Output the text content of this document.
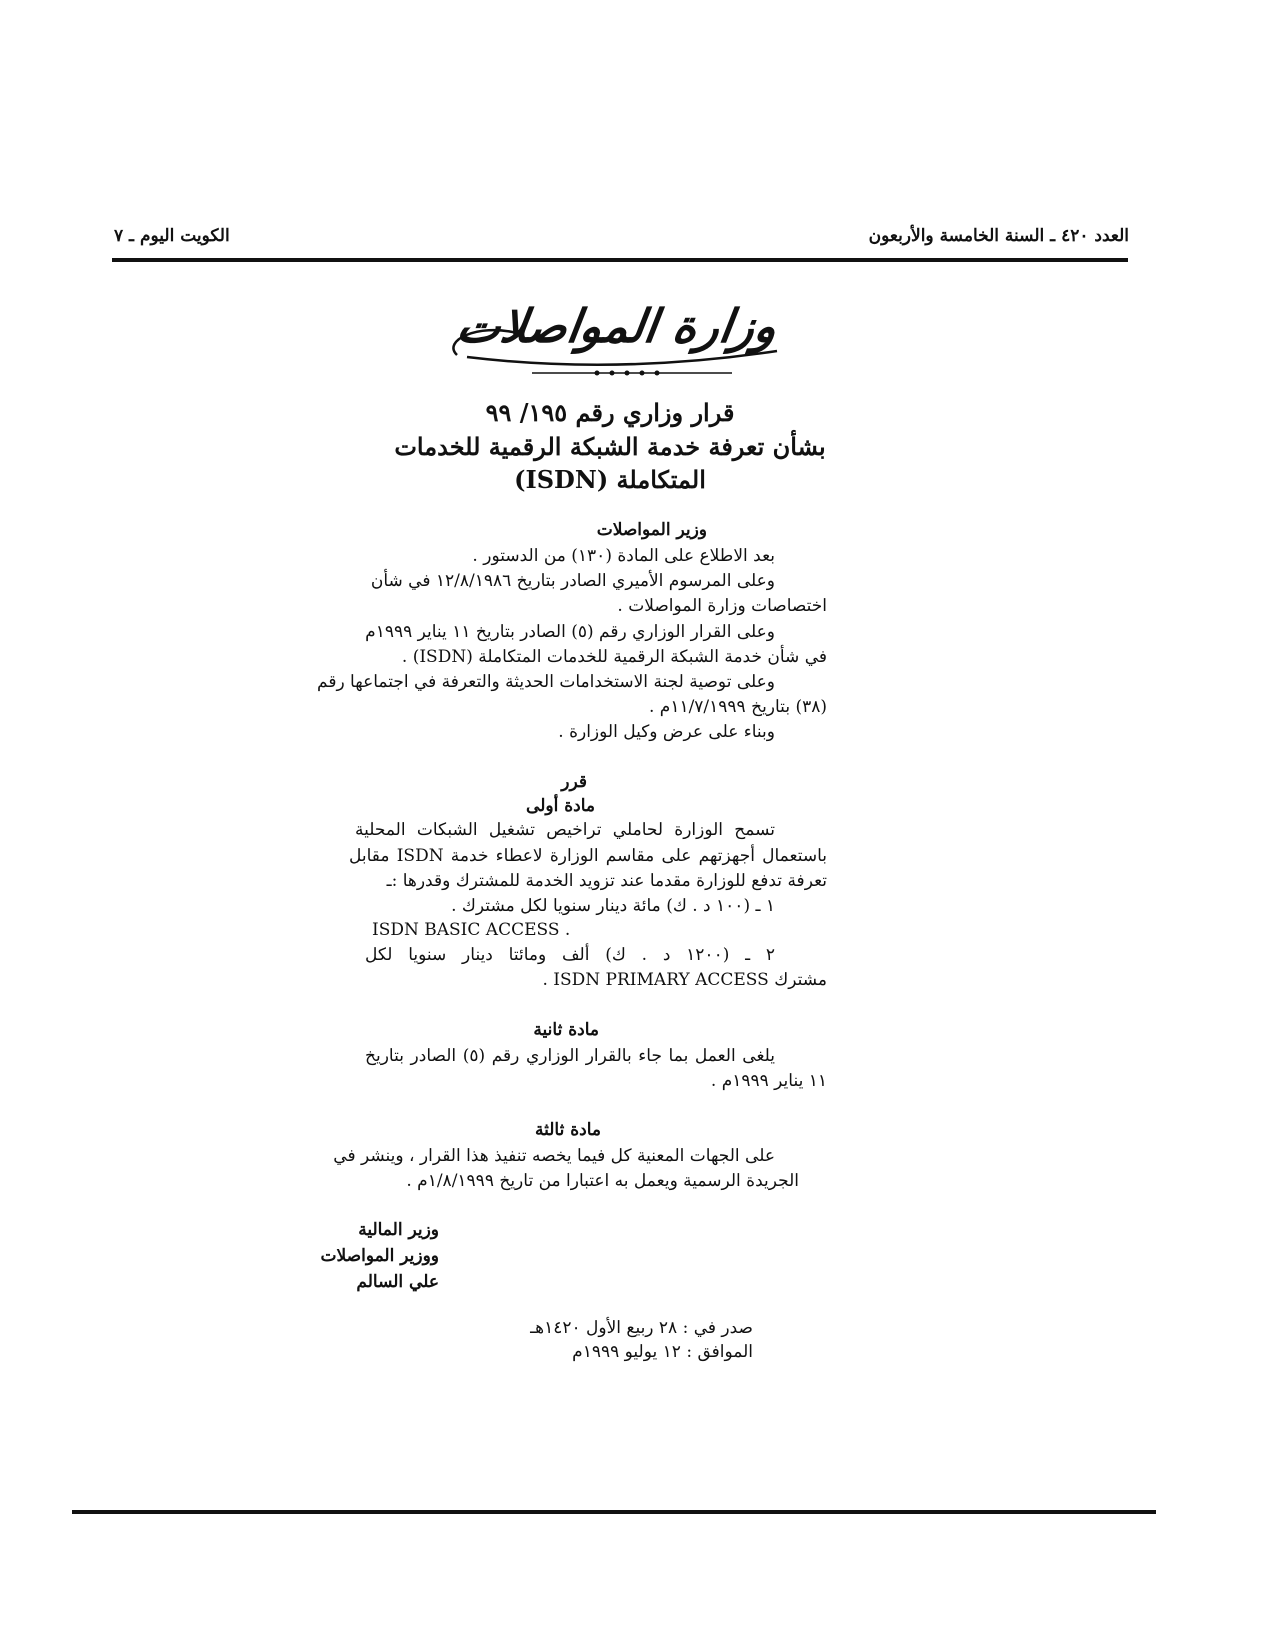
الكويت اليوم ـ ٧	العدد ٤٢٠ ـ السنة الخامسة والأربعون
وزارة المواصلات
قرار وزاري رقم ١٩٥/ ٩٩
بشأن تعرفة خدمة الشبكة الرقمية للخدمات
المتكاملة (ISDN)
وزير المواصلات
بعد الاطلاع على المادة (١٣٠) من الدستور .
وعلى المرسوم الأميري الصادر بتاريخ ١٢/٨/١٩٨٦ في شأن
اختصاصات وزارة المواصلات .
وعلى القرار الوزاري رقم (٥) الصادر بتاريخ ١١ يناير ١٩٩٩م
في شأن خدمة الشبكة الرقمية للخدمات المتكاملة (ISDN) .
وعلى توصية لجنة الاستخدامات الحديثة والتعرفة في اجتماعها رقم
(٣٨) بتاريخ ١١/٧/١٩٩٩م .
وبناء على عرض وكيل الوزارة .
قرر
مادة أولى
تسمح الوزارة لحاملي تراخيص تشغيل الشبكات المحلية
باستعمال أجهزتهم على مقاسم الوزارة لاعطاء خدمة ISDN مقابل
تعرفة تدفع للوزارة مقدما عند تزويد الخدمة للمشترك وقدرها :ـ
١ ـ (١٠٠ د . ك) مائة دينار سنويا لكل مشترك .
ISDN BASIC ACCESS .
٢ ـ (١٢٠٠ د . ك) ألف ومائتا دينار سنويا لكل
مشترك ISDN PRIMARY ACCESS .
مادة ثانية
يلغى العمل بما جاء بالقرار الوزاري رقم (٥) الصادر بتاريخ
١١ يناير ١٩٩٩م .
مادة ثالثة
على الجهات المعنية كل فيما يخصه تنفيذ هذا القرار ، وينشر في
الجريدة الرسمية ويعمل به اعتبارا من تاريخ ١/٨/١٩٩٩م .
وزير المالية
ووزير المواصلات
علي السالم
صدر في : ٢٨ ربيع الأول ١٤٢٠هـ
الموافق : ١٢ يوليو ١٩٩٩م
